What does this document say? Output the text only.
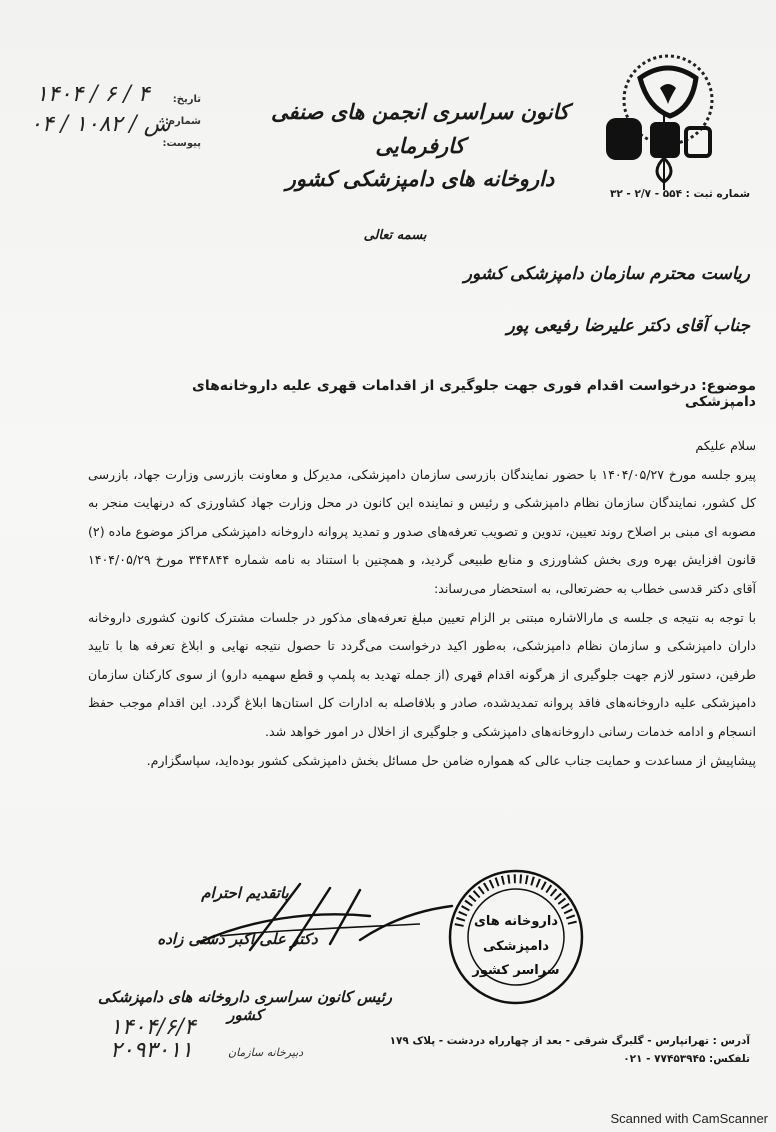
شماره ثبت : ۵۵۴ - ۲/۷ - ۳۲
کانون سراسری انجمن های صنفی کارفرمایی
داروخانه های دامپزشکی کشور
تاریخ:
شماره:
پیوست:
۱۴۰۴ / ۶ / ۴
۰۴ / ش / ۱۰۸۲
بسمه تعالی
ریاست محترم سازمان دامپزشکی کشور
جناب آقای دکتر علیرضا رفیعی پور
موضوع: درخواست اقدام فوری جهت جلوگیری از اقدامات قهری علیه داروخانه‌های دامپزشکی

سلام علیکم

پیرو جلسه مورخ ۱۴۰۴/۰۵/۲۷ با حضور نمایندگان بازرسی سازمان دامپزشکی، مدیرکل و معاونت بازرسی وزارت جهاد، بازرسی کل کشور، نمایندگان سازمان نظام دامپزشکی و رئیس و نماینده این کانون در محل وزارت جهاد کشاورزی که درنهایت منجر به مصوبه ای مبنی بر اصلاح روند تعیین، تدوین و تصویب تعرفه‌های صدور و تمدید پروانه داروخانه دامپزشکی مراکز موضوع ماده (۲) قانون افزایش بهره وری بخش کشاورزی و منابع طبیعی گردید، و همچنین با استناد به نامه شماره ۳۴۴۸۴۴ مورخ ۱۴۰۴/۰۵/۲۹ آقای دکتر قدسی خطاب به حضرتعالی، به استحضار می‌رساند:

با توجه به نتیجه ی جلسه ی مارالاشاره مبتنی بر الزام تعیین مبلغ تعرفه‌های مذکور در جلسات مشترک کانون کشوری داروخانه داران دامپزشکی و سازمان نظام دامپزشکی، به‌طور اکید درخواست می‌گردد تا حصول نتیجه نهایی و ابلاغ تعرفه ها با تایید طرفین، دستور لازم جهت جلوگیری از هرگونه اقدام قهری (از جمله تهدید به پلمپ و قطع سهمیه دارو) از سوی کارکنان سازمان دامپزشکی علیه داروخانه‌های فاقد پروانه تمدیدشده، صادر و بلافاصله به ادارات کل استان‌ها ابلاغ گردد. این اقدام موجب حفظ انسجام و ادامه خدمات رسانی داروخانه‌های دامپزشکی و جلوگیری از اخلال در امور خواهد شد.

پیشاپیش از مساعدت و حمایت جناب عالی که همواره ضامن حل مسائل بخش دامپزشکی کشور بوده‌اید، سپاسگزارم.

باتقدیم احترام
دکتر علی اکبر دشتی زاده
رئیس کانون سراسری داروخانه های دامپزشکی کشور
داروخانه های دامپزشکی
سراسر کشور
۱۴۰۴/۶/۴
۲۰۹۳۰۱۱	دبیرخانه سازمان
آدرس : تهرانپارس - گلبرگ شرقی - بعد از چهارراه دردشت - پلاک ۱۷۹
تلفکس: ۷۷۴۵۳۹۴۵ - ۰۲۱
Scanned with CamScanner
